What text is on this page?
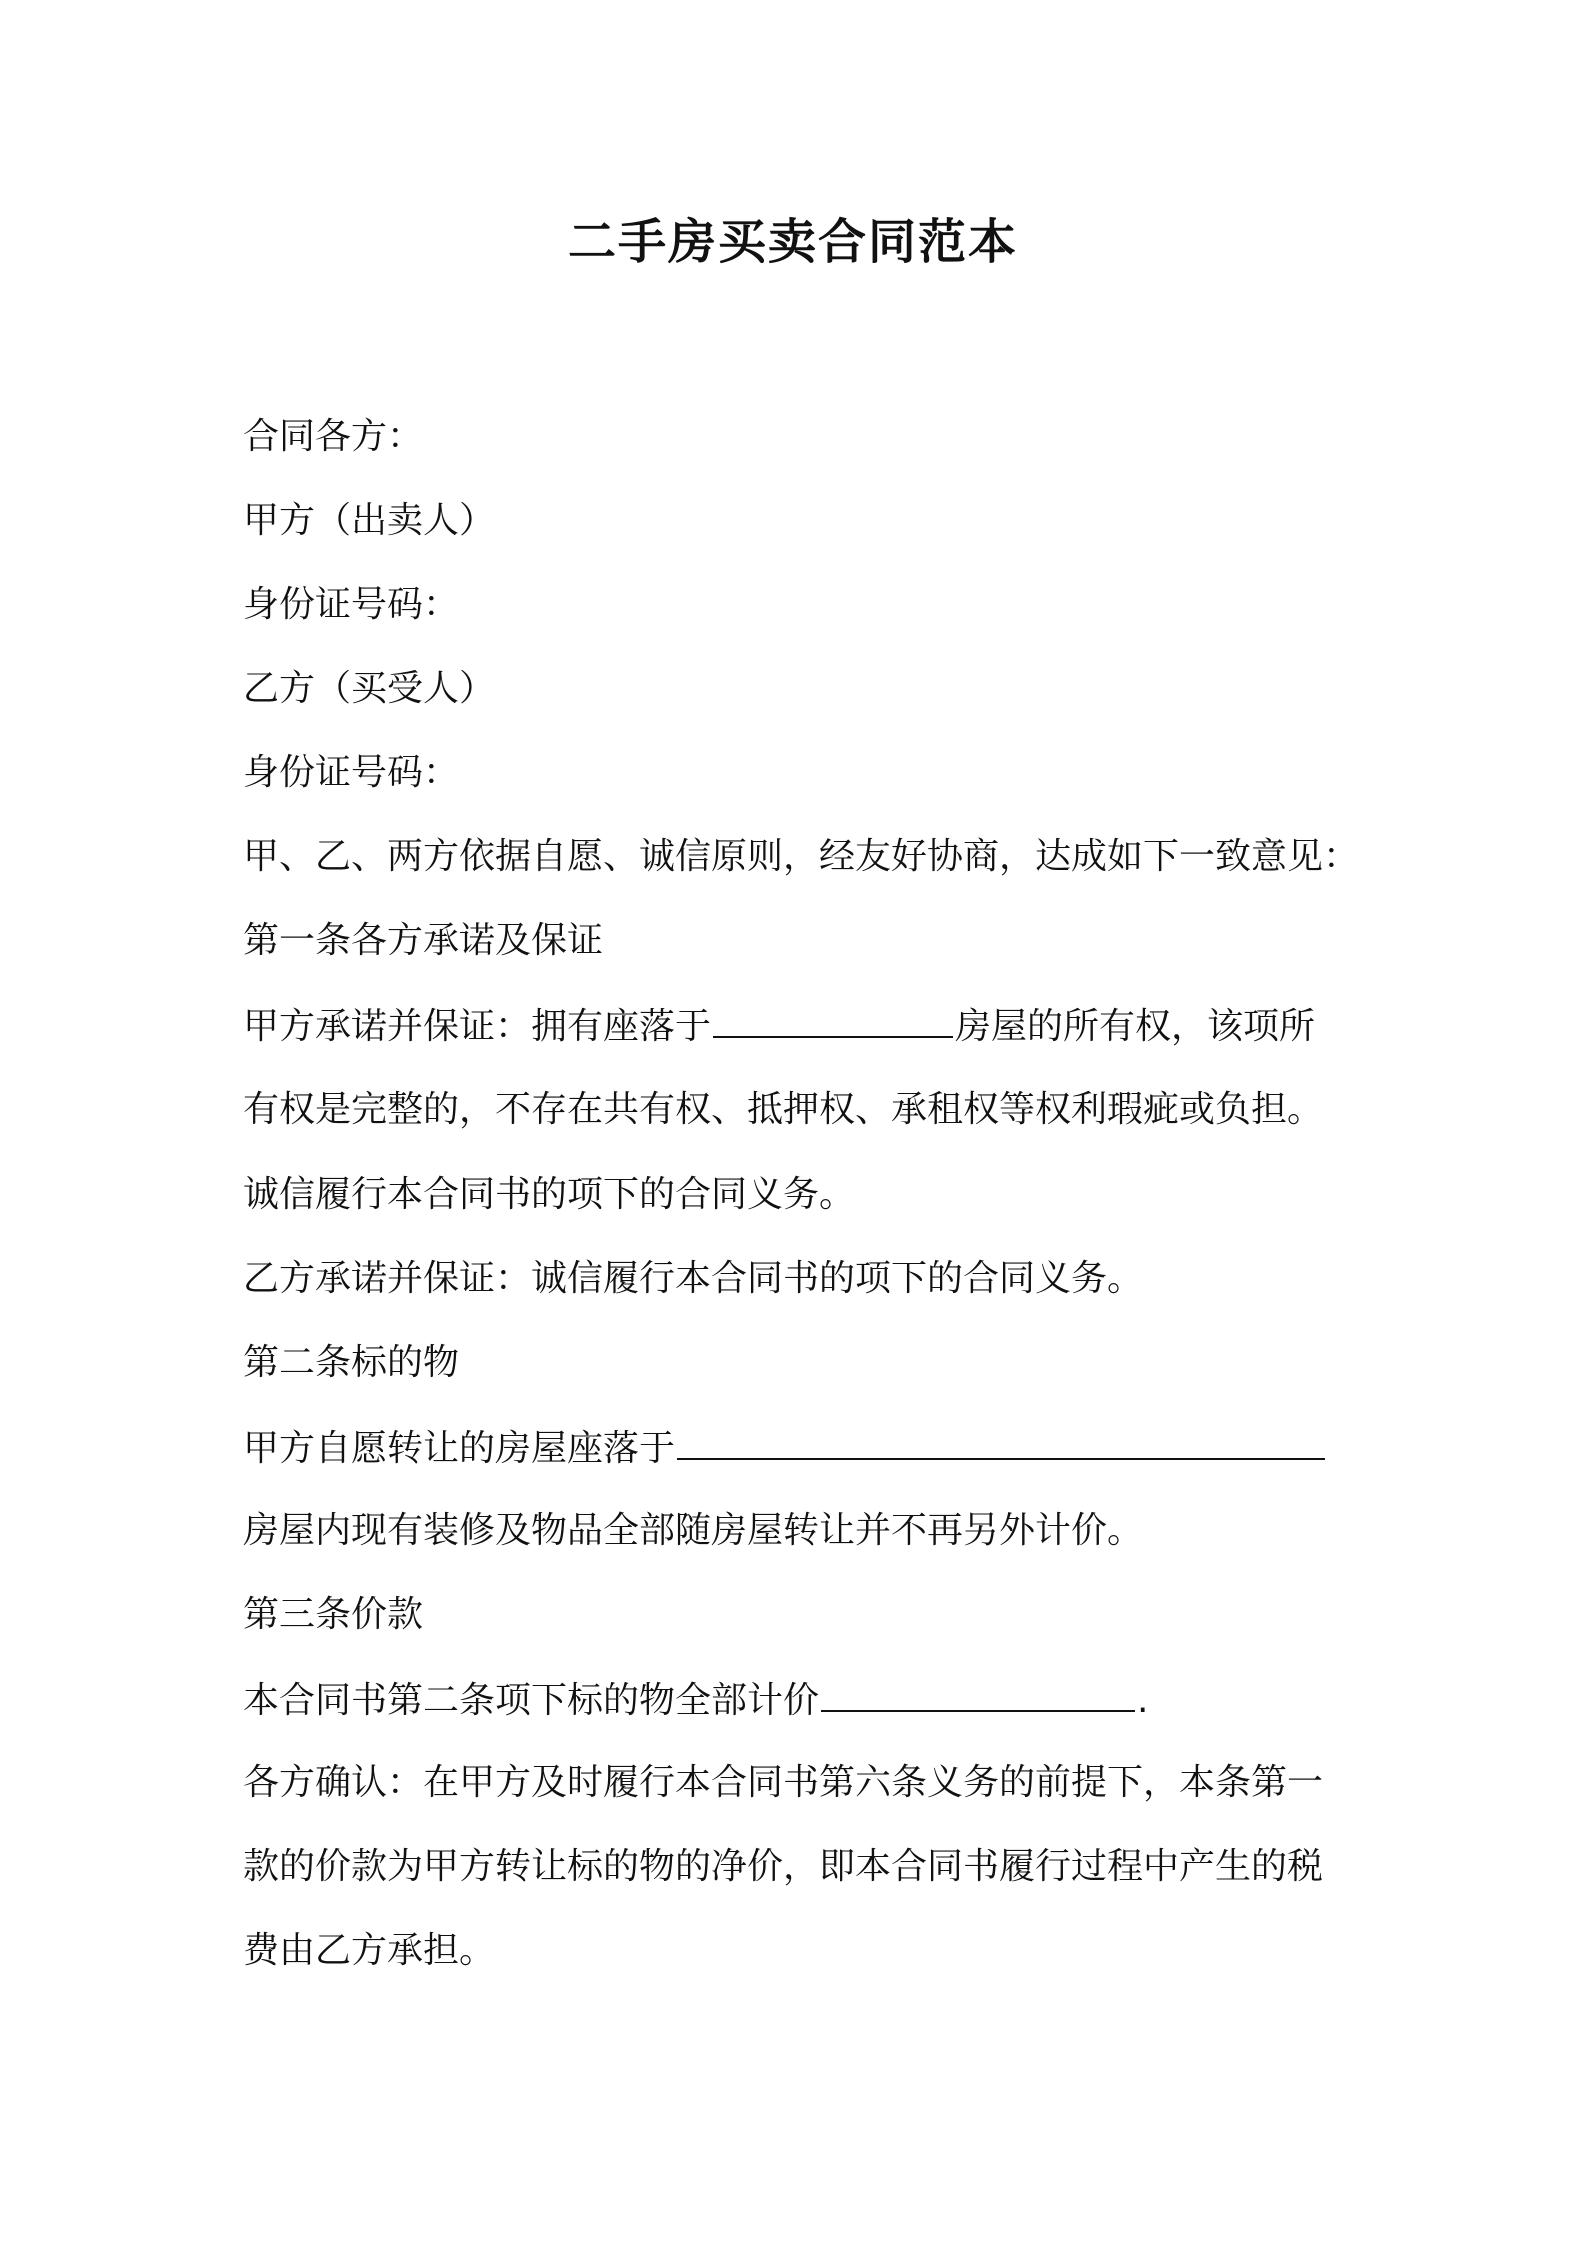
二手房买卖合同范本
合同各方：
甲方（出卖人）
身份证号码：
乙方（买受人）
身份证号码：
甲、乙、两方依据自愿、诚信原则，经友好协商，达成如下一致意见：
第一条各方承诺及保证
甲方承诺并保证：拥有座落于	房屋的所有权，该项所
有权是完整的，不存在共有权、抵押权、承租权等权利瑕疵或负担。
诚信履行本合同书的项下的合同义务。
乙方承诺并保证：诚信履行本合同书的项下的合同义务。
第二条标的物
甲方自愿转让的房屋座落于
房屋内现有装修及物品全部随房屋转让并不再另外计价。
第三条价款
本合同书第二条项下标的物全部计价	.
各方确认：在甲方及时履行本合同书第六条义务的前提下，本条第一
款的价款为甲方转让标的物的净价，即本合同书履行过程中产生的税
费由乙方承担。
